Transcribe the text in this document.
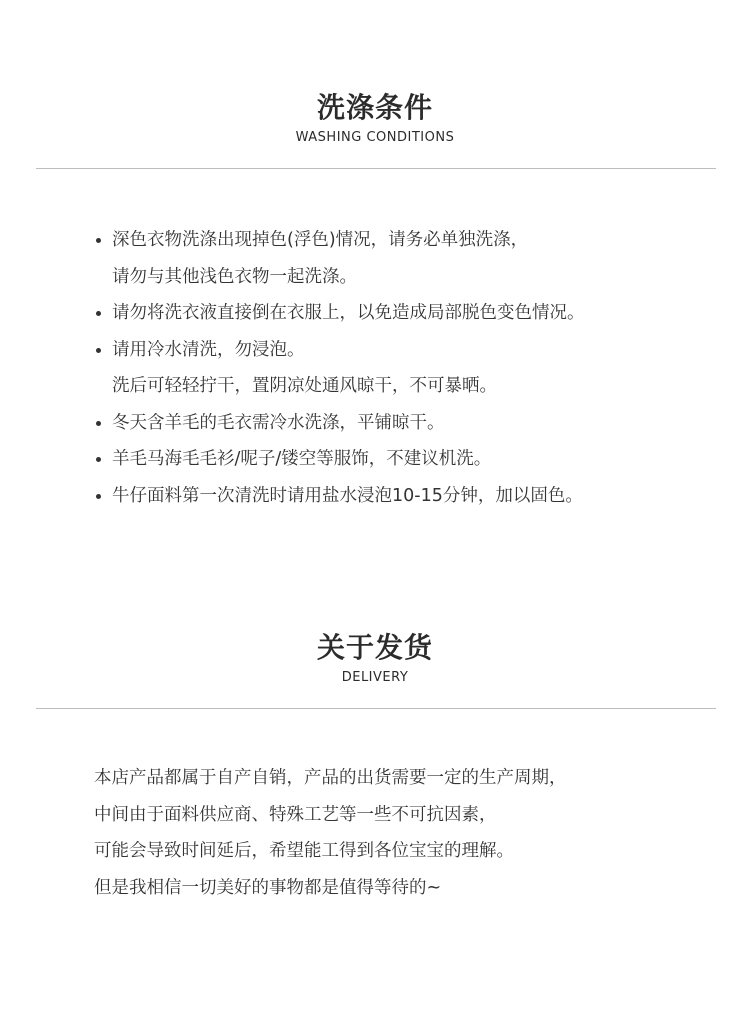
洗涤条件
WASHING CONDITIONS
深色衣物洗涤出现掉色(浮色)情况，请务必单独洗涤，
请勿与其他浅色衣物一起洗涤。
请勿将洗衣液直接倒在衣服上，以免造成局部脱色变色情况。
请用冷水清洗，勿浸泡。
洗后可轻轻拧干，置阴凉处通风晾干，不可暴晒。
冬天含羊毛的毛衣需冷水洗涤，平铺晾干。
羊毛马海毛毛衫/呢子/镂空等服饰，不建议机洗。
牛仔面料第一次清洗时请用盐水浸泡10-15分钟，加以固色。
关于发货
DELIVERY
本店产品都属于自产自销，产品的出货需要一定的生产周期，
中间由于面料供应商、特殊工艺等一些不可抗因素，
可能会导致时间延后，希望能工得到各位宝宝的理解。
但是我相信一切美好的事物都是值得等待的~
